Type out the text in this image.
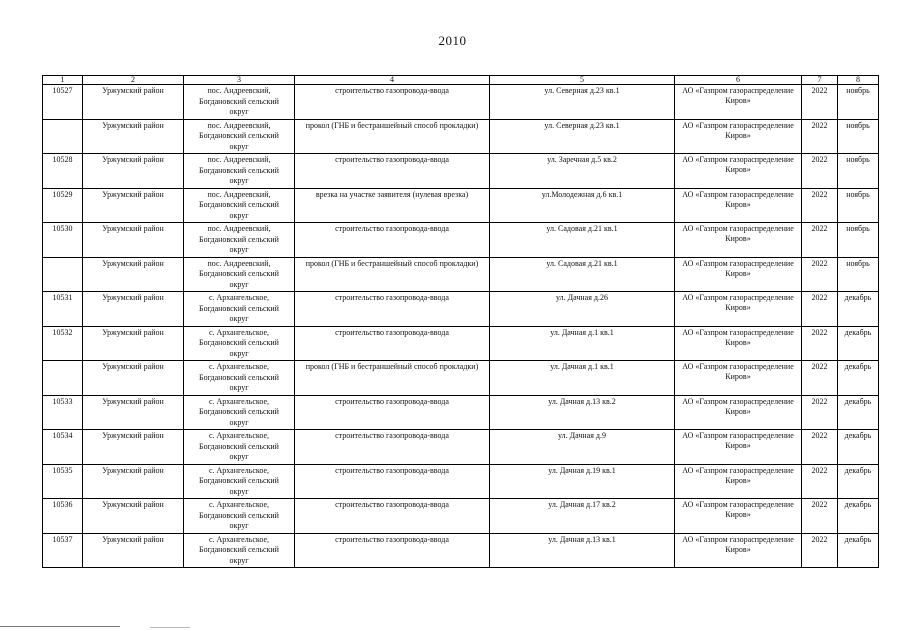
2010
1	2	3	4	5	6	7	8
10527	Уржумский район	пос. Андреевский,
Богдановский сельский
округ	строительство газопровода-ввода	ул. Северная д.23 кв.1	АО «Газпром газораспределение Киров»	2022	ноябрь
	Уржумский район	пос. Андреевский,
Богдановский сельский
округ	прокол (ГНБ и бестраншейный способ прокладки)	ул. Северная д.23 кв.1	АО «Газпром газораспределение Киров»	2022	ноябрь
10528	Уржумский район	пос. Андреевский,
Богдановский сельский
округ	строительство газопровода-ввода	ул. Заречная д.5 кв.2	АО «Газпром газораспределение Киров»	2022	ноябрь
10529	Уржумский район	пос. Андреевский,
Богдановский сельский
округ	врезка на участке заявителя (нулевая врезка)	ул.Молодежная д.6 кв.1	АО «Газпром газораспределение Киров»	2022	ноябрь
10530	Уржумский район	пос. Андреевский,
Богдановский сельский
округ	строительство газопровода-ввода	ул. Садовая д.21 кв.1	АО «Газпром газораспределение Киров»	2022	ноябрь
	Уржумский район	пос. Андреевский,
Богдановский сельский
округ	прокол (ГНБ и бестраншейный способ прокладки)	ул. Садовая д.21 кв.1	АО «Газпром газораспределение Киров»	2022	ноябрь
10531	Уржумский район	с. Архангельское,
Богдановский сельский
округ	строительство газопровода-ввода	ул. Дачная д.26	АО «Газпром газораспределение Киров»	2022	декабрь
10532	Уржумский район	с. Архангельское,
Богдановский сельский
округ	строительство газопровода-ввода	ул. Дачная д.1 кв.1	АО «Газпром газораспределение Киров»	2022	декабрь
	Уржумский район	с. Архангельское,
Богдановский сельский
округ	прокол (ГНБ и бестраншейный способ прокладки)	ул. Дачная д.1 кв.1	АО «Газпром газораспределение Киров»	2022	декабрь
10533	Уржумский район	с. Архангельское,
Богдановский сельский
округ	строительство газопровода-ввода	ул. Дачная д.13 кв.2	АО «Газпром газораспределение Киров»	2022	декабрь
10534	Уржумский район	с. Архангельское,
Богдановский сельский
округ	строительство газопровода-ввода	ул. Дачная д.9	АО «Газпром газораспределение Киров»	2022	декабрь
10535	Уржумский район	с. Архангельское,
Богдановский сельский
округ	строительство газопровода-ввода	ул. Дачная д.19 кв.1	АО «Газпром газораспределение Киров»	2022	декабрь
10536	Уржумский район	с. Архангельское,
Богдановский сельский
округ	строительство газопровода-ввода	ул. Дачная д.17 кв.2	АО «Газпром газораспределение Киров»	2022	декабрь
10537	Уржумский район	с. Архангельское,
Богдановский сельский
округ	строительство газопровода-ввода	ул. Дачная д.13 кв.1	АО «Газпром газораспределение Киров»	2022	декабрь
